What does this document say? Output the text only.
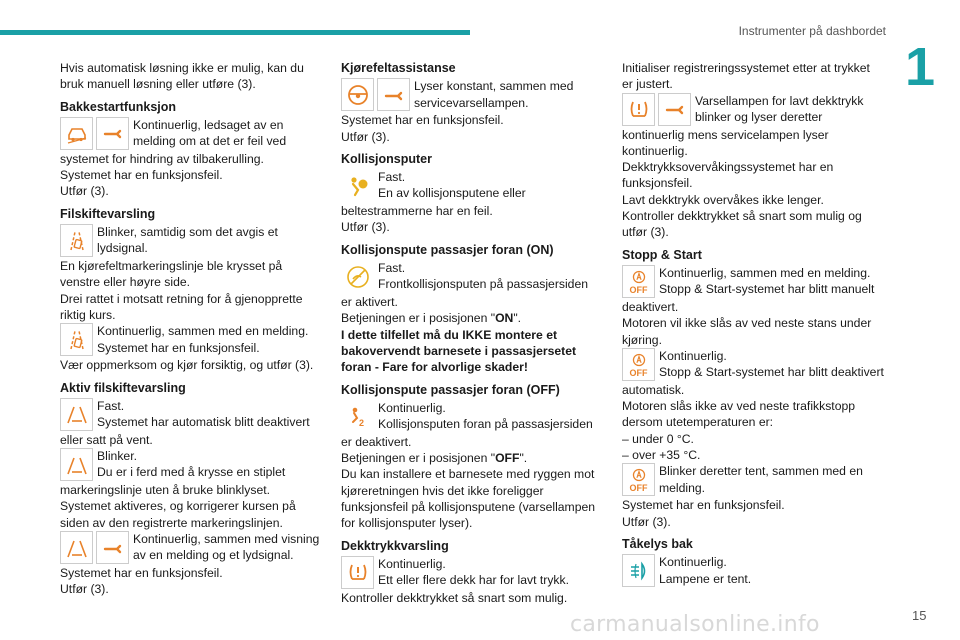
Instrumenter på dashbordet
1
Hvis automatisk løsning ikke er mulig, kan du bruk manuell løsning eller utføre (3).
Bakkestartfunksjon
Kontinuerlig, ledsaget av en melding om at det er feil ved
systemet for hindring av tilbakerulling.
Systemet har en funksjonsfeil.
Utfør (3).
Filskiftevarsling
Blinker, samtidig som det avgis et lydsignal.
En kjørefeltmarkeringslinje ble krysset på venstre eller høyre side.
Drei rattet i motsatt retning for å gjenopprette riktig kurs.
Kontinuerlig, sammen med en melding.
Systemet har en funksjonsfeil.
Vær oppmerksom og kjør forsiktig, og utfør (3).
Aktiv filskiftevarsling
Fast.
Systemet har automatisk blitt deaktivert
eller satt på vent.
Blinker.
Du er i ferd med å krysse en stiplet
markeringslinje uten å bruke blinklyset.
Systemet aktiveres, og korrigerer kursen på siden av den registrerte markeringslinjen.
Kontinuerlig, sammen med visning av en melding og et lydsignal.
Systemet har en funksjonsfeil.
Utfør (3).
Kjørefeltassistanse
Lyser konstant, sammen med servicevarsellampen.
Systemet har en funksjonsfeil.
Utfør (3).
Kollisjonsputer
Fast.
En av kollisjonsputene eller
beltestrammerne har en feil.
Utfør (3).
Kollisjonspute passasjer foran (ON)
Fast.
Frontkollisjonsputen på passasjersiden
er aktivert.
Betjeningen er i posisjonen "ON".
I dette tilfellet må du IKKE montere et bakovervendt barnesete i passasjersetet foran - Fare for alvorlige skader!
Kollisjonspute passasjer foran (OFF)
2
Kontinuerlig.
Kollisjonsputen foran på passasjersiden
er deaktivert.
Betjeningen er i posisjonen "OFF".
Du kan installere et barnesete med ryggen mot kjøreretningen hvis det ikke foreligger funksjonsfeil på kollisjonsputene (varsellampen for kollisjonsputer lyser).
Dekktrykkvarsling
Kontinuerlig.
Ett eller flere dekk har for lavt trykk.
Kontroller dekktrykket så snart som mulig.
Initialiser registreringssystemet etter at trykket er justert.
Varsellampen for lavt dekktrykk blinker og lyser deretter
kontinuerlig mens servicelampen lyser kontinuerlig.
Dekktrykksovervåkingssystemet har en funksjonsfeil.
Lavt dekktrykk overvåkes ikke lenger.
Kontroller dekktrykket så snart som mulig og utfør (3).
Stopp & Start
OFF
Kontinuerlig, sammen med en melding.
Stopp & Start-systemet har blitt manuelt
deaktivert.
Motoren vil ikke slås av ved neste stans under kjøring.
OFF
Kontinuerlig.
Stopp & Start-systemet har blitt deaktivert
automatisk.
Motoren slås ikke av ved neste trafikkstopp dersom utetemperaturen er:
– under 0 °C.
– over +35 °C.
OFF
Blinker deretter tent, sammen med en melding.
Systemet har en funksjonsfeil.
Utfør (3).
Tåkelys bak
Kontinuerlig.
Lampene er tent.
carmanualsonline.info	15
